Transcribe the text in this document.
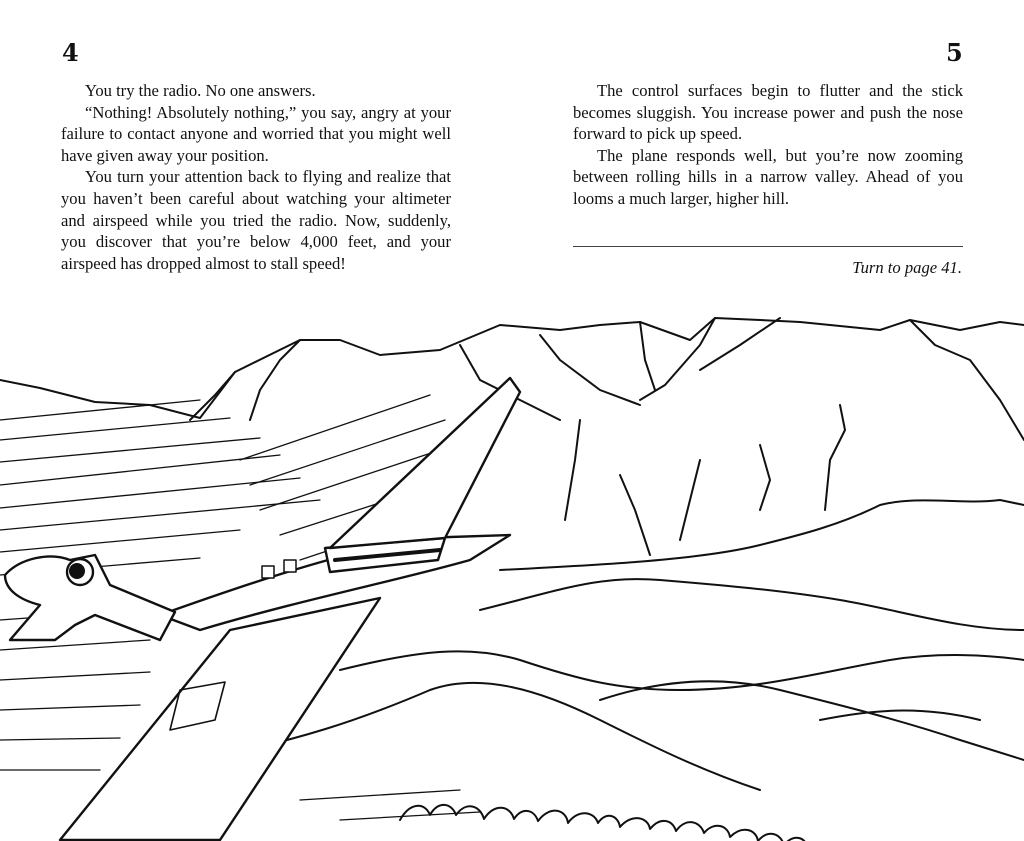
4	5

You try the radio. No one answers.

“Nothing! Absolutely nothing,” you say, angry at your failure to contact anyone and worried that you might well have given away your position.

You turn your attention back to flying and realize that you haven’t been careful about watching your altimeter and airspeed while you tried the radio. Now, suddenly, you discover that you’re below 4,000 feet, and your airspeed has dropped almost to stall speed!

The control surfaces begin to flutter and the stick becomes sluggish. You increase power and push the nose forward to pick up speed.

The plane responds well, but you’re now zooming between rolling hills in a narrow valley. Ahead of you looms a much larger, higher hill.

Turn to page 41.
